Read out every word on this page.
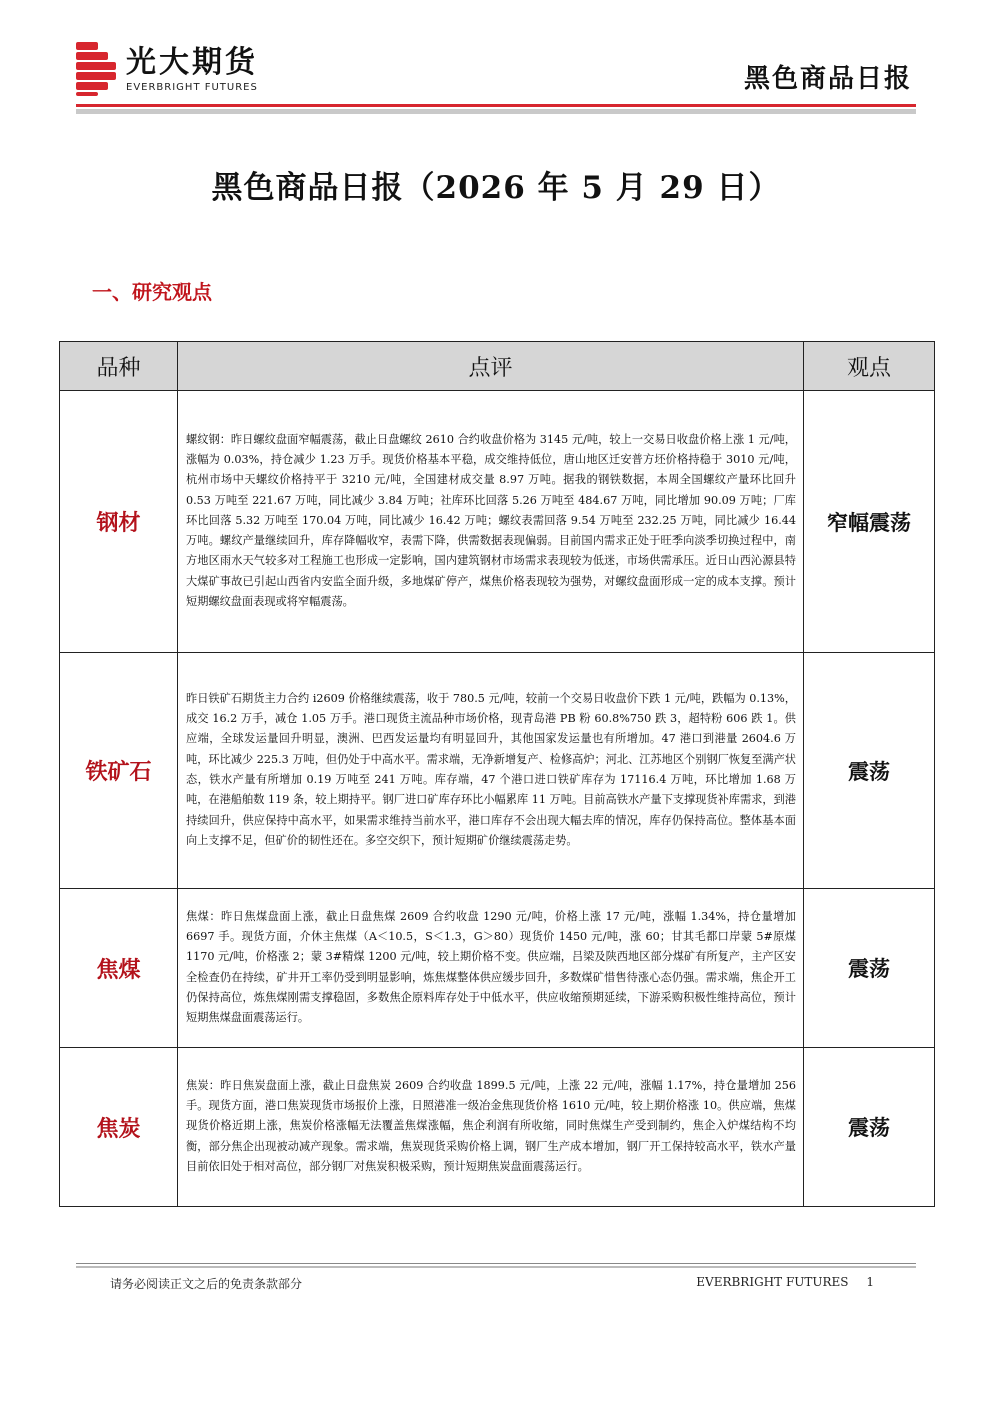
光大期货
EVERBRIGHT FUTURES	黑色商品日报
黑色商品日报（2026 年 5 月 29 日）
一、研究观点
品种	点评	观点
钢材	螺纹钢：昨日螺纹盘面窄幅震荡，截止日盘螺纹 2610 合约收盘价格为 3145 元/吨，较上一交易日收盘价格上涨 1 元/吨，涨幅为 0.03%，持仓减少 1.23 万手。现货价格基本平稳，成交维持低位，唐山地区迁安普方坯价格持稳于 3010 元/吨，杭州市场中天螺纹价格持平于 3210 元/吨，全国建材成交量 8.97 万吨。据我的钢铁数据，本周全国螺纹产量环比回升 0.53 万吨至 221.67 万吨，同比减少 3.84 万吨；社库环比回落 5.26 万吨至 484.67 万吨，同比增加 90.09 万吨；厂库环比回落 5.32 万吨至 170.04 万吨，同比减少 16.42 万吨；螺纹表需回落 9.54 万吨至 232.25 万吨，同比减少 16.44 万吨。螺纹产量继续回升，库存降幅收窄，表需下降，供需数据表现偏弱。目前国内需求正处于旺季向淡季切换过程中，南方地区雨水天气较多对工程施工也形成一定影响，国内建筑钢材市场需求表现较为低迷，市场供需承压。近日山西沁源县特大煤矿事故已引起山西省内安监全面升级，多地煤矿停产，煤焦价格表现较为强势，对螺纹盘面形成一定的成本支撑。预计短期螺纹盘面表现或将窄幅震荡。	窄幅震荡
铁矿石	昨日铁矿石期货主力合约 i2609 价格继续震荡，收于 780.5 元/吨，较前一个交易日收盘价下跌 1 元/吨，跌幅为 0.13%，成交 16.2 万手，减仓 1.05 万手。港口现货主流品种市场价格，现青岛港 PB 粉 60.8%750 跌 3，超特粉 606 跌 1。供应端，全球发运量回升明显，澳洲、巴西发运量均有明显回升，其他国家发运量也有所增加。47 港口到港量 2604.6 万吨，环比减少 225.3 万吨，但仍处于中高水平。需求端，无净新增复产、检修高炉；河北、江苏地区个别钢厂恢复至满产状态，铁水产量有所增加 0.19 万吨至 241 万吨。库存端，47 个港口进口铁矿库存为 17116.4 万吨，环比增加 1.68 万吨，在港船舶数 119 条，较上期持平。钢厂进口矿库存环比小幅累库 11 万吨。目前高铁水产量下支撑现货补库需求，到港持续回升，供应保持中高水平，如果需求维持当前水平，港口库存不会出现大幅去库的情况，库存仍保持高位。整体基本面向上支撑不足，但矿价的韧性还在。多空交织下，预计短期矿价继续震荡走势。	震荡
焦煤	焦煤：昨日焦煤盘面上涨，截止日盘焦煤 2609 合约收盘 1290 元/吨，价格上涨 17 元/吨，涨幅 1.34%，持仓量增加 6697 手。现货方面，介休主焦煤（A＜10.5，S＜1.3，G＞80）现货价 1450 元/吨，涨 60；甘其毛都口岸蒙 5#原煤 1170 元/吨，价格涨 2；蒙 3#精煤 1200 元/吨，较上期价格不变。供应端，吕梁及陕西地区部分煤矿有所复产，主产区安全检查仍在持续，矿井开工率仍受到明显影响，炼焦煤整体供应缓步回升，多数煤矿惜售待涨心态仍强。需求端，焦企开工仍保持高位，炼焦煤刚需支撑稳固，多数焦企原料库存处于中低水平，供应收缩预期延续，下游采购积极性维持高位，预计短期焦煤盘面震荡运行。	震荡
焦炭	焦炭：昨日焦炭盘面上涨，截止日盘焦炭 2609 合约收盘 1899.5 元/吨，上涨 22 元/吨，涨幅 1.17%，持仓量增加 256 手。现货方面，港口焦炭现货市场报价上涨，日照港准一级冶金焦现货价格 1610 元/吨，较上期价格涨 10。供应端，焦煤现货价格近期上涨，焦炭价格涨幅无法覆盖焦煤涨幅，焦企利润有所收缩，同时焦煤生产受到制约，焦企入炉煤结构不均衡，部分焦企出现被动减产现象。需求端，焦炭现货采购价格上调，钢厂生产成本增加，钢厂开工保持较高水平，铁水产量目前依旧处于相对高位，部分钢厂对焦炭积极采购，预计短期焦炭盘面震荡运行。	震荡
请务必阅读正文之后的免责条款部分	EVERBRIGHT FUTURES 1
